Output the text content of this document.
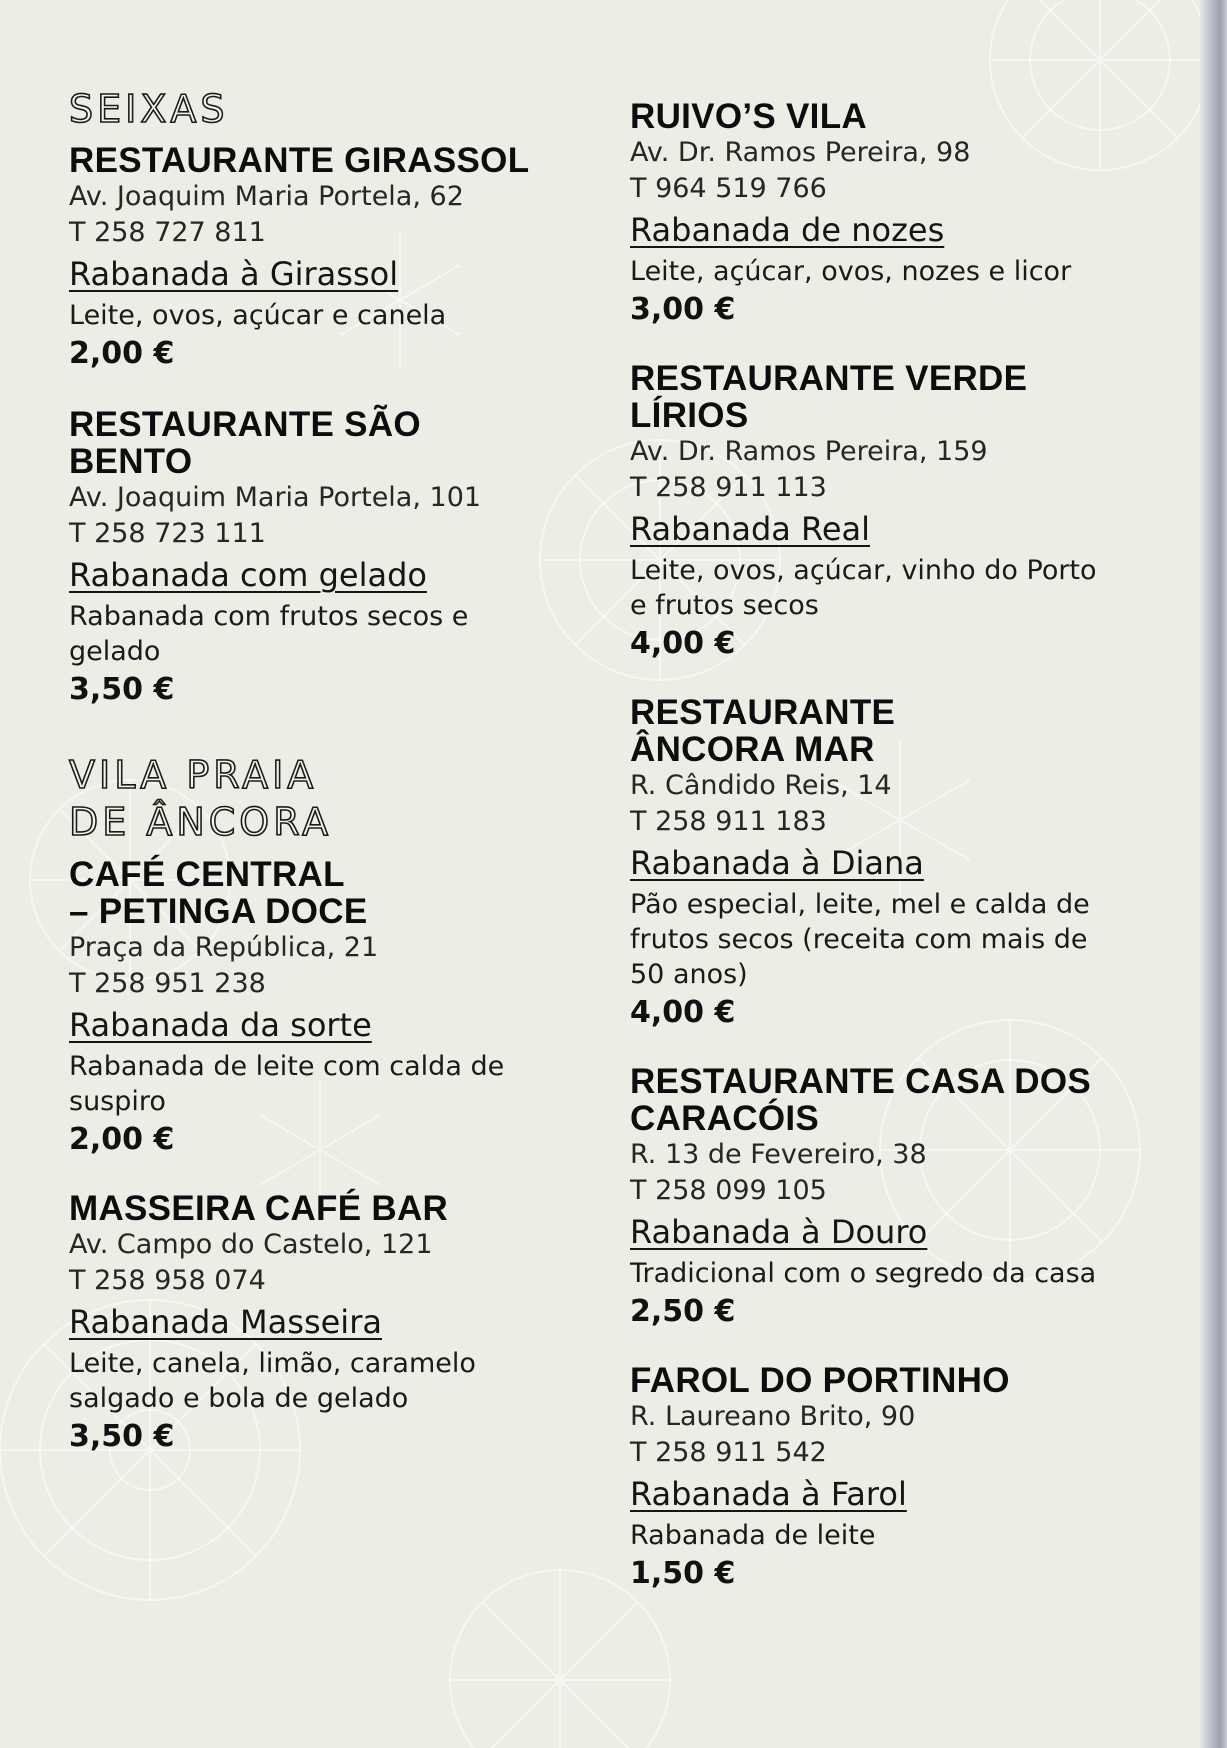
SEIXAS
RESTAURANTE GIRASSOL
Av. Joaquim Maria Portela, 62
T 258 727 811
Rabanada à Girassol
Leite, ovos, açúcar e canela
2,00 €
RESTAURANTE SÃO
BENTO
Av. Joaquim Maria Portela, 101
T 258 723 111
Rabanada com gelado
Rabanada com frutos secos e
gelado
3,50 €
VILA PRAIA
DE ÂNCORA
CAFÉ CENTRAL
– PETINGA DOCE
Praça da República, 21
T 258 951 238
Rabanada da sorte
Rabanada de leite com calda de
suspiro
2,00 €
MASSEIRA CAFÉ BAR
Av. Campo do Castelo, 121
T 258 958 074
Rabanada Masseira
Leite, canela, limão, caramelo
salgado e bola de gelado
3,50 €
RUIVO’S VILA
Av. Dr. Ramos Pereira, 98
T 964 519 766
Rabanada de nozes
Leite, açúcar, ovos, nozes e licor
3,00 €
RESTAURANTE VERDE
LÍRIOS
Av. Dr. Ramos Pereira, 159
T 258 911 113
Rabanada Real
Leite, ovos, açúcar, vinho do Porto
e frutos secos
4,00 €
RESTAURANTE
ÂNCORA MAR
R. Cândido Reis, 14
T 258 911 183
Rabanada à Diana
Pão especial, leite, mel e calda de
frutos secos (receita com mais de
50 anos)
4,00 €
RESTAURANTE CASA DOS
CARACÓIS
R. 13 de Fevereiro, 38
T 258 099 105
Rabanada à Douro
Tradicional com o segredo da casa
2,50 €
FAROL DO PORTINHO
R. Laureano Brito, 90
T 258 911 542
Rabanada à Farol
Rabanada de leite
1,50 €
